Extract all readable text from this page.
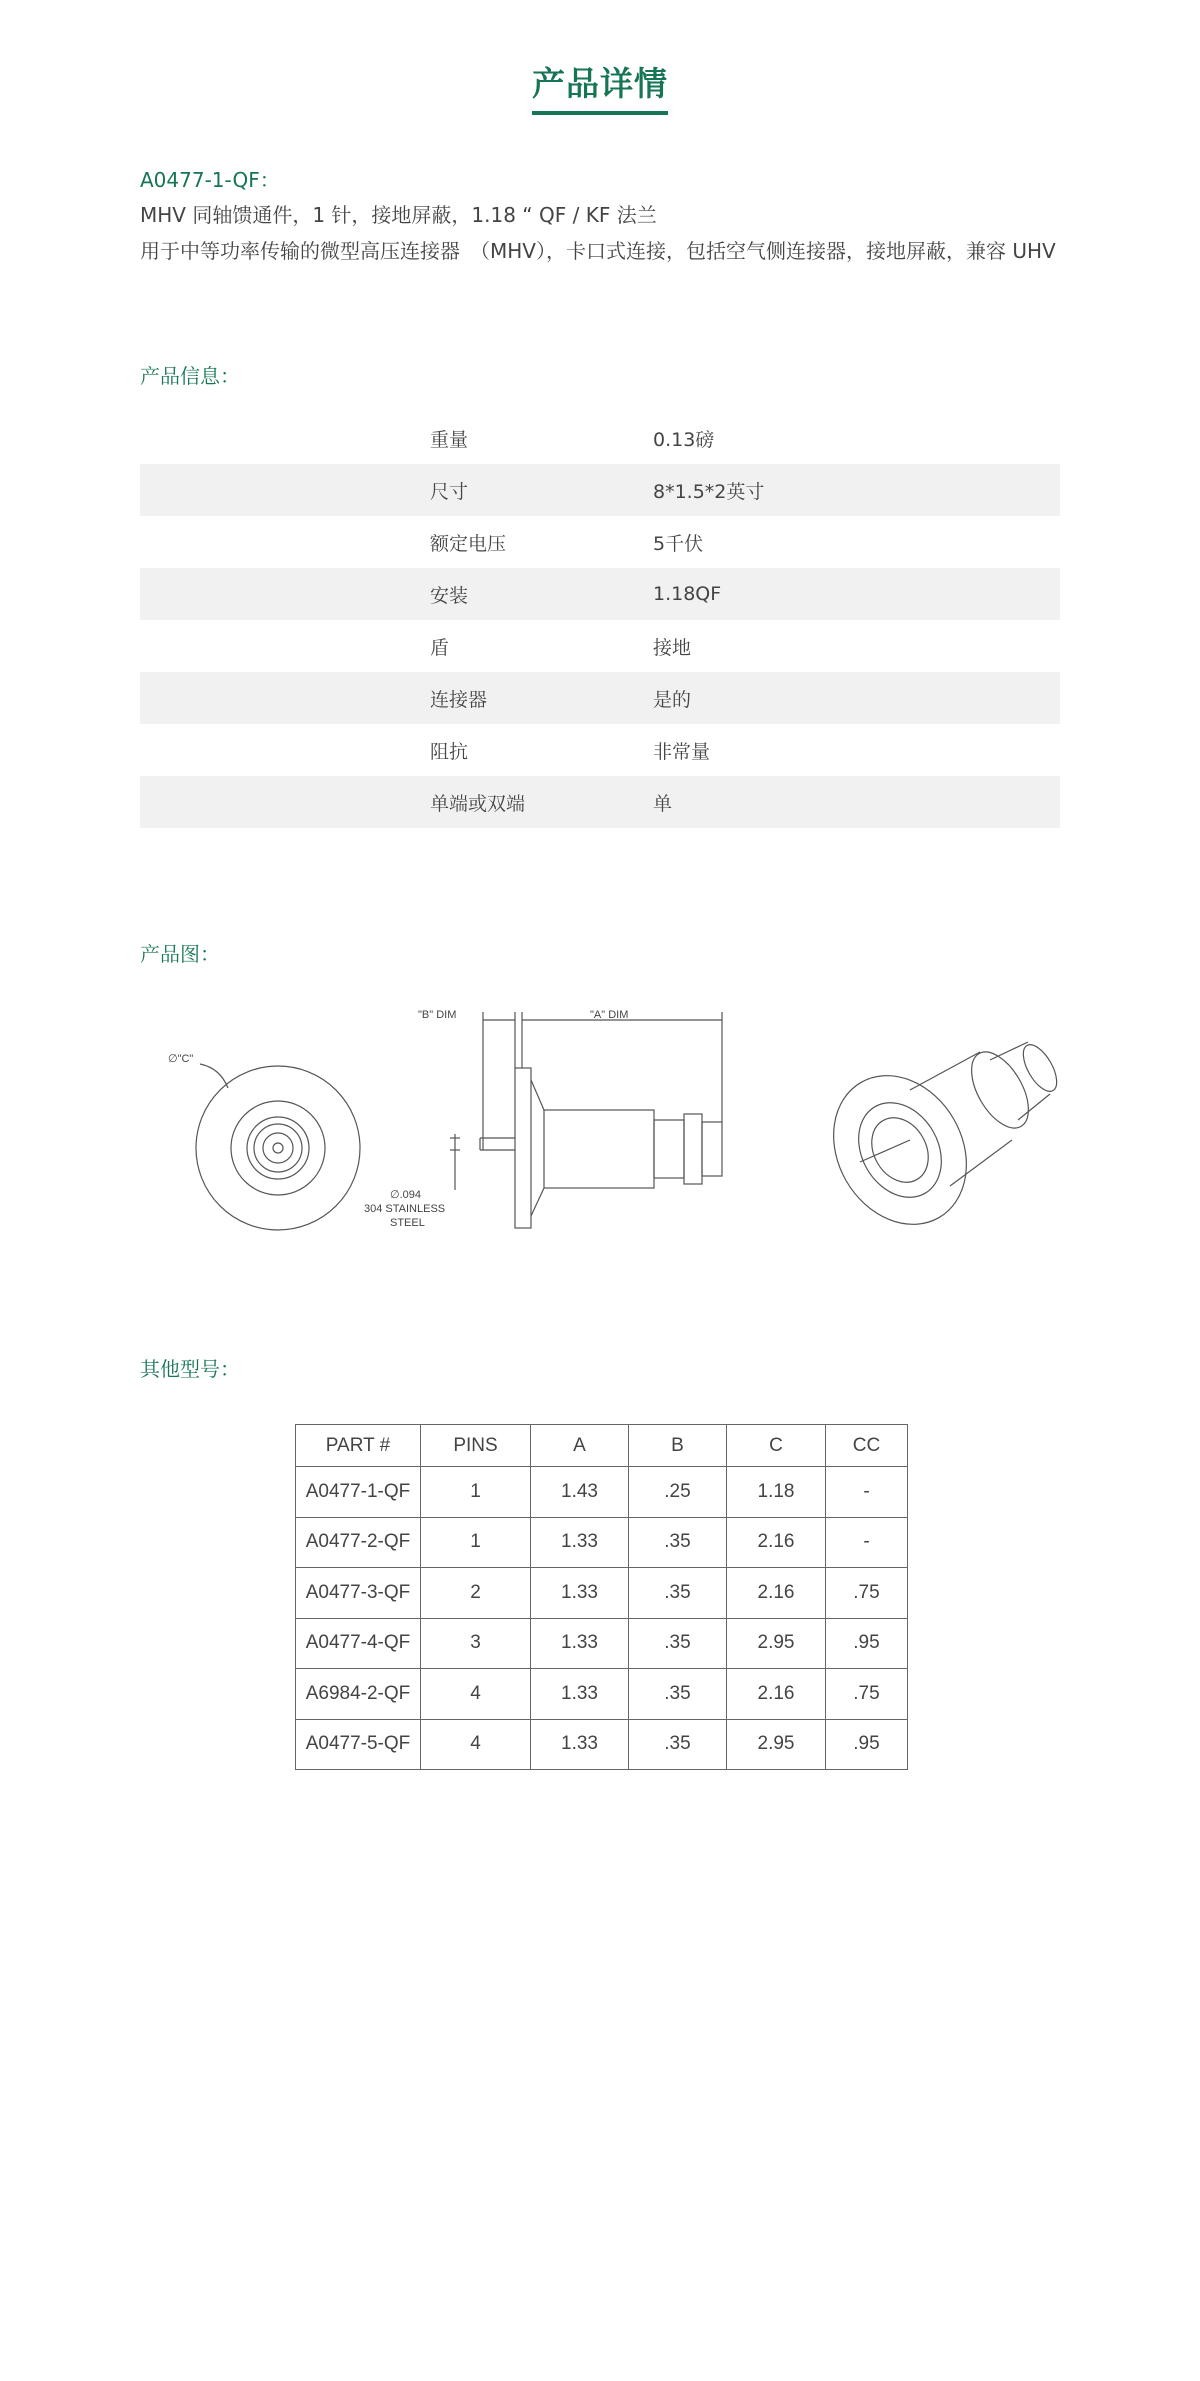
产品详情
A0477-1-QF：
MHV 同轴馈通件，1 针，接地屏蔽，1.18 “ QF / KF 法兰
用于中等功率传输的微型高压连接器　（MHV），卡口式连接，包括空气侧连接器，接地屏蔽，兼容 UHV
产品信息：
重量	0.13磅
尺寸	8*1.5*2英寸
额定电压	5千伏
安装	1.18QF
盾	接地
连接器	是的
阻抗	非常量
单端或双端	单
产品图：
"B" DIM	"A" DIM
∅"C"
∅.094
304 STAINLESS
STEEL
其他型号：
PART #	PINS	A	B	C	CC
A0477-1-QF	1	1.43	.25	1.18	-
A0477-2-QF	1	1.33	.35	2.16	-
A0477-3-QF	2	1.33	.35	2.16	.75
A0477-4-QF	3	1.33	.35	2.95	.95
A6984-2-QF	4	1.33	.35	2.16	.75
A0477-5-QF	4	1.33	.35	2.95	.95
